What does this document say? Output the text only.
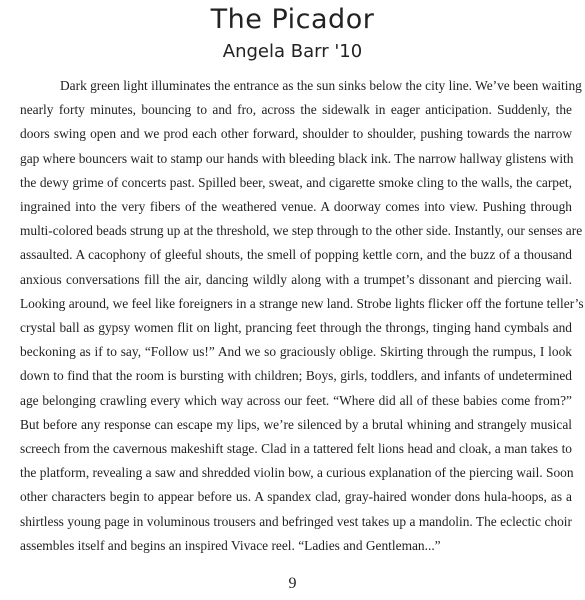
The Picador
Angela Barr '10
Dark green light illuminates the entrance as the sun sinks below the city line. We’ve been waiting
nearly forty minutes, bouncing to and fro, across the sidewalk in eager anticipation. Suddenly, the
doors swing open and we prod each other forward, shoulder to shoulder, pushing towards the narrow
gap where bouncers wait to stamp our hands with bleeding black ink. The narrow hallway glistens with
the dewy grime of concerts past. Spilled beer, sweat, and cigarette smoke cling to the walls, the carpet,
ingrained into the very fibers of the weathered venue. A doorway comes into view. Pushing through
multi-colored beads strung up at the threshold, we step through to the other side. Instantly, our senses are
assaulted. A cacophony of gleeful shouts, the smell of popping kettle corn, and the buzz of a thousand
anxious conversations fill the air, dancing wildly along with a trumpet’s dissonant and piercing wail.
Looking around, we feel like foreigners in a strange new land. Strobe lights flicker off the fortune teller’s
crystal ball as gypsy women flit on light, prancing feet through the throngs, tinging hand cymbals and
beckoning as if to say, “Follow us!” And we so graciously oblige. Skirting through the rumpus, I look
down to find that the room is bursting with children; Boys, girls, toddlers, and infants of undetermined
age belonging crawling every which way across our feet. “Where did all of these babies come from?”
But before any response can escape my lips, we’re silenced by a brutal whining and strangely musical
screech from the cavernous makeshift stage. Clad in a tattered felt lions head and cloak, a man takes to
the platform, revealing a saw and shredded violin bow, a curious explanation of the piercing wail. Soon
other characters begin to appear before us. A spandex clad, gray-haired wonder dons hula-hoops, as a
shirtless young page in voluminous trousers and befringed vest takes up a mandolin. The eclectic choir
assembles itself and begins an inspired Vivace reel. “Ladies and Gentleman...”
9
